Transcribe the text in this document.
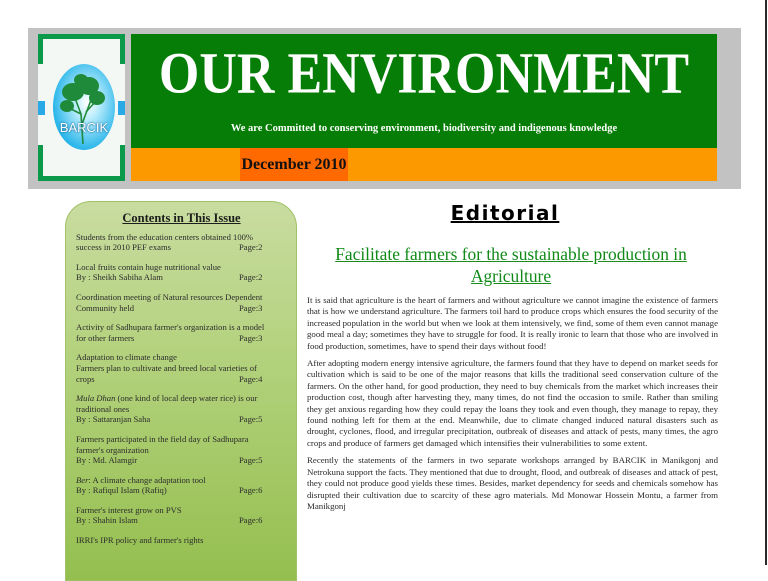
BARCIK
OUR ENVIRONMENT
We are Committed to conserving environment, biodiversity and indigenous knowledge
December 2010
Contents in This Issue
Students from the education centers obtained 100%
success in 2010 PEF exams	Page:2
Local fruits contain huge nutritional value
By : Sheikh Sabiha Alam	Page:2
Coordination meeting of Natural resources Dependent
Community held	Page:3
Activity of Sadhupara farmer's organization is a model
for other farmers	Page:3
Adaptation to climate change
Farmers plan to cultivate and breed local varieties of
crops	Page:4
Mula Dhan (one kind of local deep water rice) is our
traditional ones
By : Sattaranjan Saha	Page:5
Farmers participated in the field day of Sadhupara
farmer's organization
By : Md. Alamgir	Page:5
Ber: A climate change adaptation tool
By : Rafiqul Islam (Rafiq)	Page:6
Farmer's interest grow on PVS
By : Shahin Islam	Page:6
IRRI's IPR policy and farmer's rights
Editorial
Facilitate farmers for the sustainable production in Agriculture

It is said that agriculture is the heart of farmers and without agriculture we cannot imagine the existence of farmers that is how we understand agriculture. The farmers toil hard to produce crops which ensures the food security of the increased population in the world but when we look at them intensively, we find, some of them even cannot manage good meal a day; sometimes they have to struggle for food. It is really ironic to learn that those who are involved in food production, sometimes, have to spend their days without food!

After adopting modern energy intensive agriculture, the farmers found that they have to depend on market seeds for cultivation which is said to be one of the major reasons that kills the traditional seed conservation culture of the farmers. On the other hand, for good production, they need to buy chemicals from the market which increases their production cost, though after harvesting they, many times, do not find the occasion to smile. Rather than smiling they get anxious regarding how they could repay the loans they took and even though, they manage to repay, they found nothing left for them at the end. Meanwhile, due to climate changed induced natural disasters such as drought, cyclones, flood, and irregular precipitation, outbreak of diseases and attack of pests, many times, the agro crops and produce of farmers get damaged which intensifies their vulnerabilities to some extent.

Recently the statements of the farmers in two separate workshops arranged by BARCIK in Manikgonj and Netrokuna support the facts. They mentioned that due to drought, flood, and outbreak of diseases and attack of pest, they could not produce good yields these times. Besides, market dependency for seeds and chemicals somehow has disrupted their cultivation due to scarcity of these agro materials. Md Monowar Hossein Montu, a farmer from Manikgonj
